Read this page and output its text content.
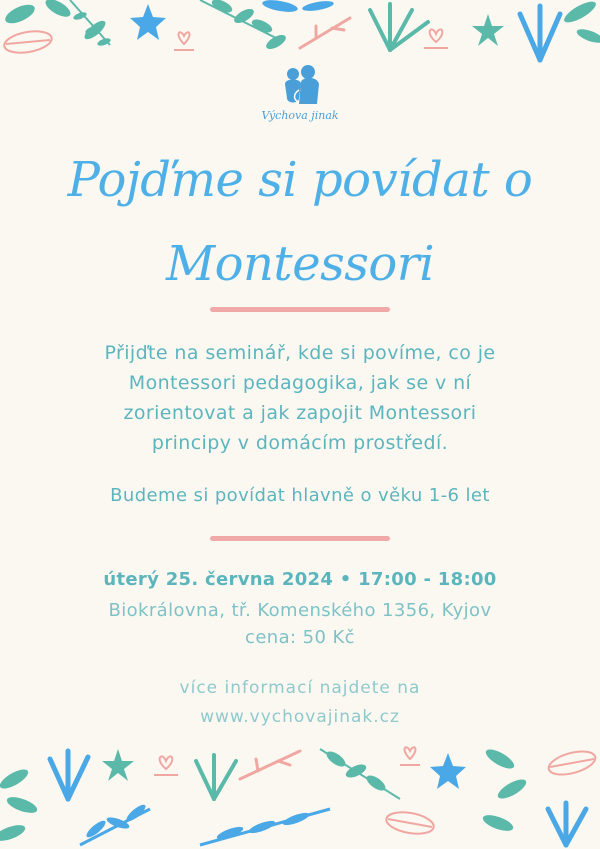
Výchova jinak
Pojďme si povídat o
Montessori
Přijďte na seminář, kde si povíme, co je
Montessori pedagogika, jak se v ní
zorientovat a jak zapojit Montessori
principy v domácím prostředí.
Budeme si povídat hlavně o věku 1-6 let
úterý 25. června 2024 • 17:00 - 18:00
Biokrálovna, tř. Komenského 1356, Kyjov
cena: 50 Kč
více informací najdete na
www.vychovajinak.cz
